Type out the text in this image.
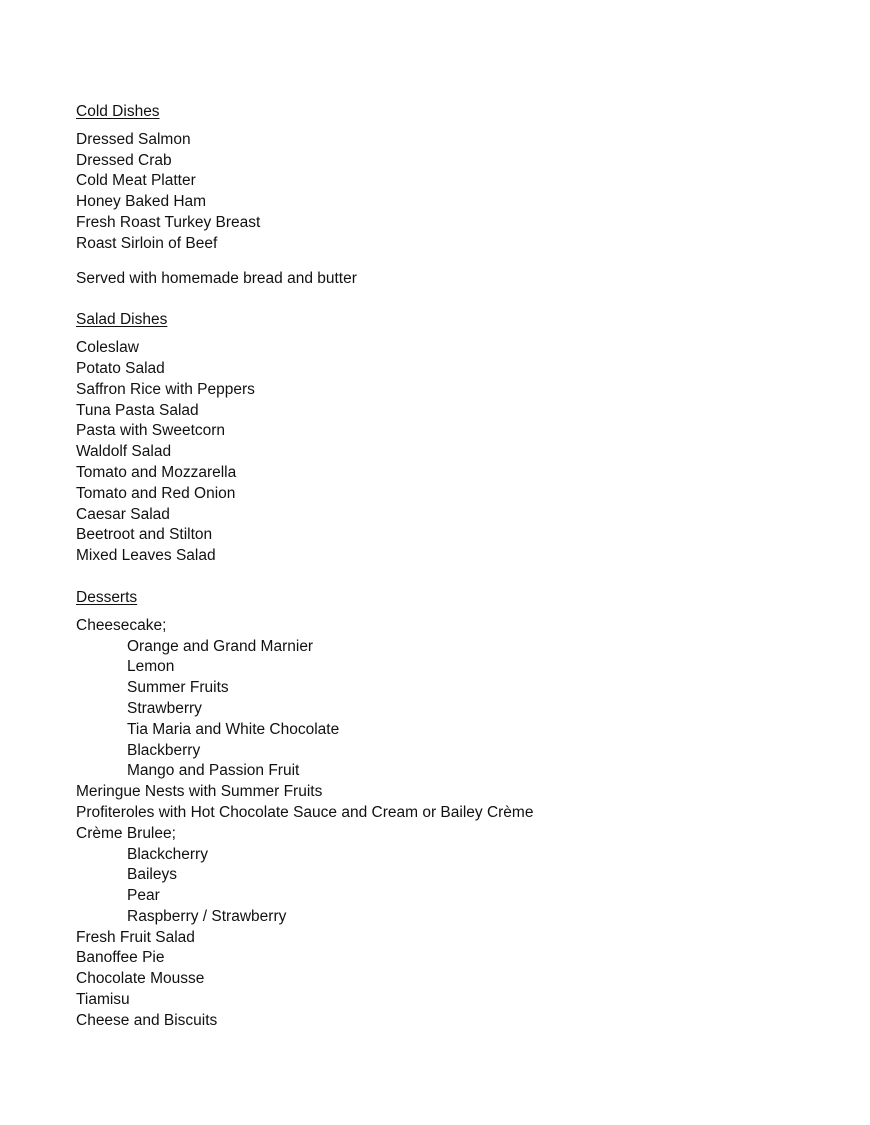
Cold Dishes
Dressed Salmon
Dressed Crab
Cold Meat Platter
Honey Baked Ham
Fresh Roast Turkey Breast
Roast Sirloin of Beef
Served with homemade bread and butter
Salad Dishes
Coleslaw
Potato Salad
Saffron Rice with Peppers
Tuna Pasta Salad
Pasta with Sweetcorn
Waldolf Salad
Tomato and Mozzarella
Tomato and Red Onion
Caesar Salad
Beetroot and Stilton
Mixed Leaves Salad
Desserts
Cheesecake;
Orange and Grand Marnier
Lemon
Summer Fruits
Strawberry
Tia Maria and White Chocolate
Blackberry
Mango and Passion Fruit
Meringue Nests with Summer Fruits
Profiteroles with Hot Chocolate Sauce and Cream or Bailey Crème
Crème Brulee;
Blackcherry
Baileys
Pear
Raspberry / Strawberry
Fresh Fruit Salad
Banoffee Pie
Chocolate Mousse
Tiamisu
Cheese and Biscuits
